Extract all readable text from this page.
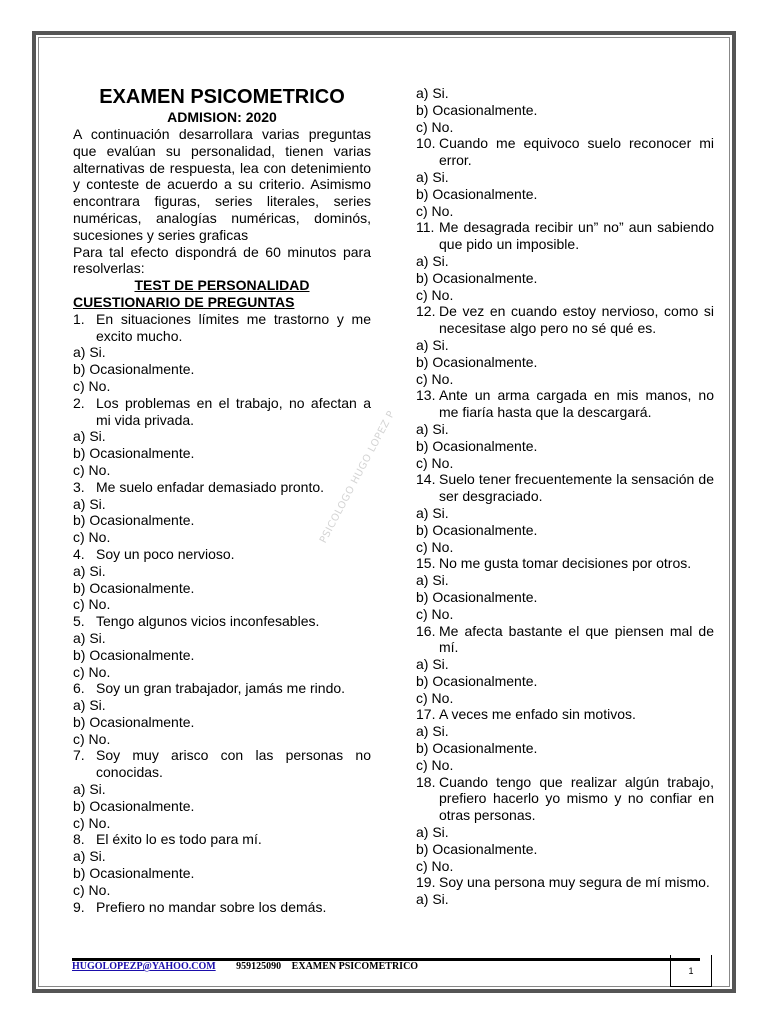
PSICOLOGO HUGO LOPEZ P
EXAMEN PSICOMETRICO
ADMISION: 2020
A continuación desarrollara varias preguntas que evalúan su personalidad, tienen varias alternativas de respuesta, lea con detenimiento y conteste de acuerdo a su criterio. Asimismo encontrara figuras, series literales, series numéricas, analogías numéricas, dominós, sucesiones y series graficas
Para tal efecto dispondrá de 60 minutos para resolverlas:
TEST DE PERSONALIDAD
CUESTIONARIO DE PREGUNTAS
1. En situaciones límites me trastorno y me excito mucho.
a) Si.
b) Ocasionalmente.
c) No.
2. Los problemas en el trabajo, no afectan a mi vida privada.
a) Si.
b) Ocasionalmente.
c) No.
3. Me suelo enfadar demasiado pronto.
a) Si.
b) Ocasionalmente.
c) No.
4. Soy un poco nervioso.
a) Si.
b) Ocasionalmente.
c) No.
5. Tengo algunos vicios inconfesables.
a) Si.
b) Ocasionalmente.
c) No.
6. Soy un gran trabajador, jamás me rindo.
a) Si.
b) Ocasionalmente.
c) No.
7. Soy muy arisco con las personas no conocidas.
a) Si.
b) Ocasionalmente.
c) No.
8. El éxito lo es todo para mí.
a) Si.
b) Ocasionalmente.
c) No.
9. Prefiero no mandar sobre los demás.
a) Si.
b) Ocasionalmente.
c) No.
10. Cuando me equivoco suelo reconocer mi error.
a) Si.
b) Ocasionalmente.
c) No.
11. Me desagrada recibir un” no” aun sabiendo que pido un imposible.
a) Si.
b) Ocasionalmente.
c) No.
12. De vez en cuando estoy nervioso, como si necesitase algo pero no sé qué es.
a) Si.
b) Ocasionalmente.
c) No.
13. Ante un arma cargada en mis manos, no me fiaría hasta que la descargará.
a) Si.
b) Ocasionalmente.
c) No.
14. Suelo tener frecuentemente la sensación de ser desgraciado.
a) Si.
b) Ocasionalmente.
c) No.
15. No me gusta tomar decisiones por otros.
a) Si.
b) Ocasionalmente.
c) No.
16. Me afecta bastante el que piensen mal de mí.
a) Si.
b) Ocasionalmente.
c) No.
17. A veces me enfado sin motivos.
a) Si.
b) Ocasionalmente.
c) No.
18. Cuando tengo que realizar algún trabajo, prefiero hacerlo yo mismo y no confiar en otras personas.
a) Si.
b) Ocasionalmente.
c) No.
19. Soy una persona muy segura de mí mismo.
a) Si.
HUGOLOPEZP@YAHOO.COM 959125090 EXAMEN PSICOMETRICO	1
